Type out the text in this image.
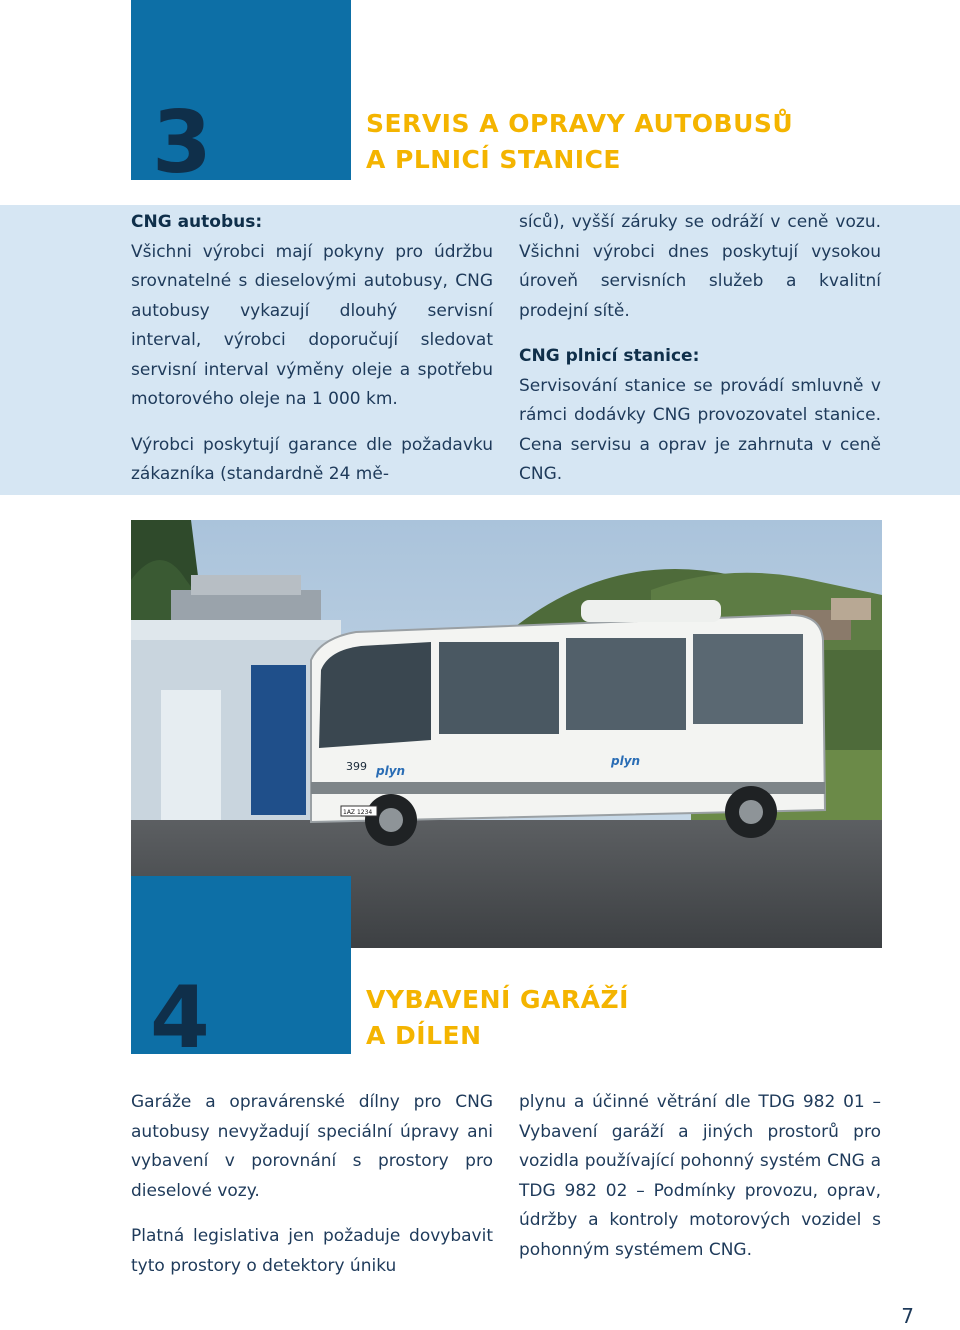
3	SERVIS A OPRAVY AUTOBUSŮ
A PLNICÍ STANICE

CNG autobus:

Všichni výrobci mají pokyny pro údržbu srovnatelné s dieselovými autobusy, CNG autobusy vykazují dlouhý servisní interval, výrobci doporučují sledovat servisní interval výměny oleje a spotřebu motorového oleje na 1 000 km.

Výrobci poskytují garance dle požadavku zákazníka (standardně 24 mě-

síců), vyšší záruky se odráží v ceně vozu. Všichni výrobci dnes poskytují vysokou úroveň servisních služeb a kvalitní prodejní sítě.

CNG plnicí stanice:

Servisování stanice se provádí smluvně v rámci dodávky CNG provozovatel stanice. Cena servisu a oprav je zahrnuta v ceně CNG.

399 plyn
plyn
1AZ 1234
4	VYBAVENÍ GARÁŽÍ
A DÍLEN

Garáže a opravárenské dílny pro CNG autobusy nevyžadují speciální úpravy ani vybavení v porovnání s prostory pro dieselové vozy.

Platná legislativa jen požaduje dovybavit tyto prostory o detektory úniku

plynu a účinné větrání dle TDG 982 01 – Vybavení garáží a jiných prostorů pro vozidla používající pohonný systém CNG a TDG 982 02 – Podmínky provozu, oprav, údržby a kontroly motorových vozidel s pohonným systémem CNG.

7
